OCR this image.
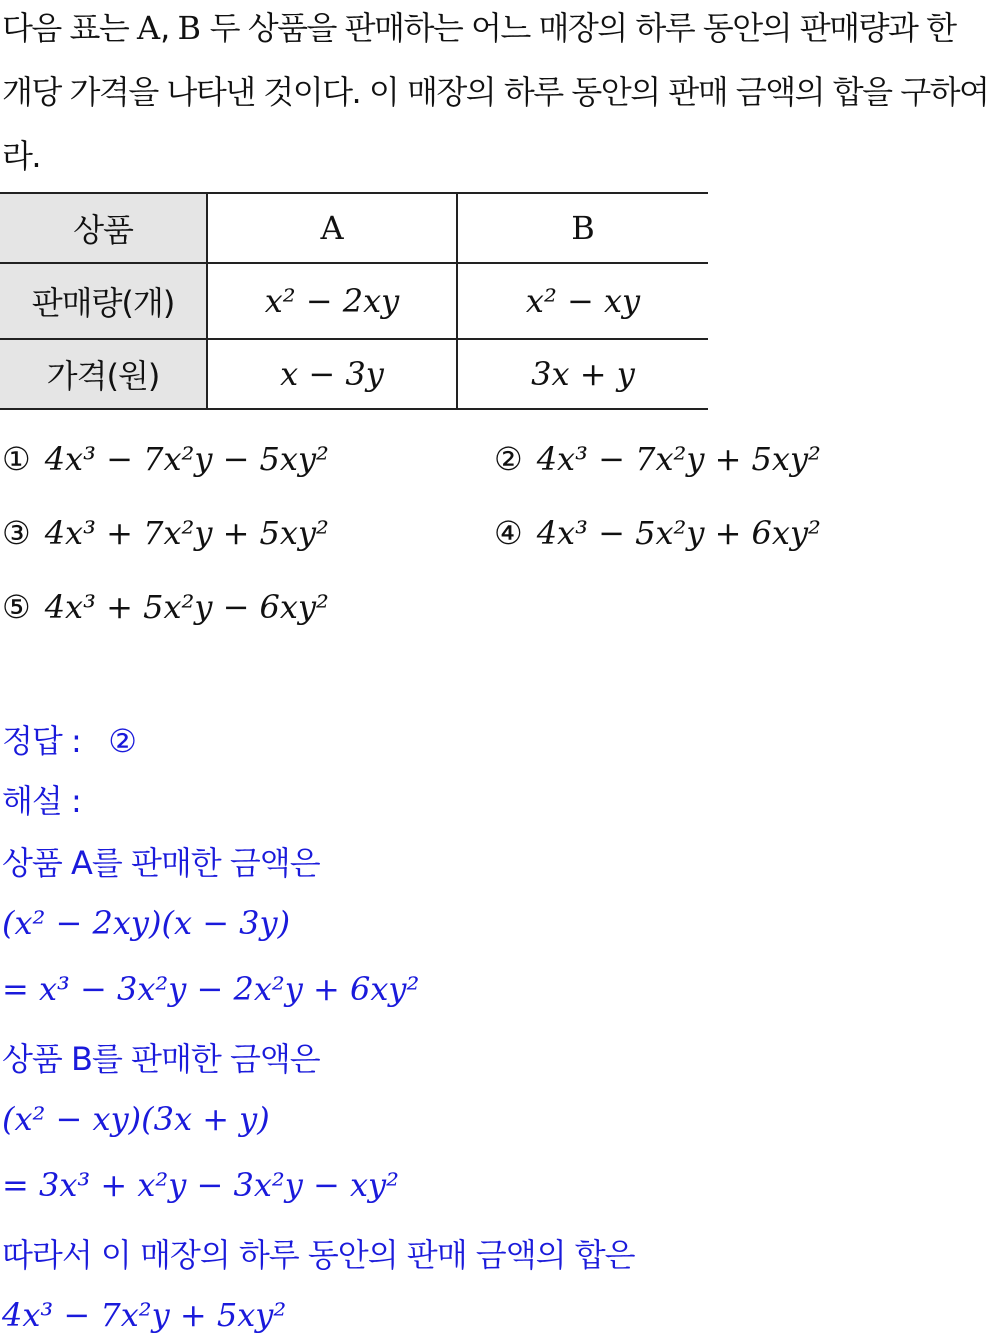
다음 표는 A, B 두 상품을 판매하는 어느 매장의 하루 동안의 판매량과 한 개당 가격을 나타낸 것이다. 이 매장의 하루 동안의 판매 금액의 합을 구하여라.

상품	A	B
판매량(개)	x² − 2xy	x² − xy
가격(원)	x − 3y	3x + y
① 4x³ − 7x²y − 5xy²	② 4x³ − 7x²y + 5xy²
③ 4x³ + 7x²y + 5xy²	④ 4x³ − 5x²y + 6xy²
⑤ 4x³ + 5x²y − 6xy²
정답 : ②
해설 :
상품 A를 판매한 금액은
(x² − 2xy)(x − 3y)
= x³ − 3x²y − 2x²y + 6xy²
상품 B를 판매한 금액은
(x² − xy)(3x + y)
= 3x³ + x²y − 3x²y − xy²
따라서 이 매장의 하루 동안의 판매 금액의 합은
4x³ − 7x²y + 5xy²
